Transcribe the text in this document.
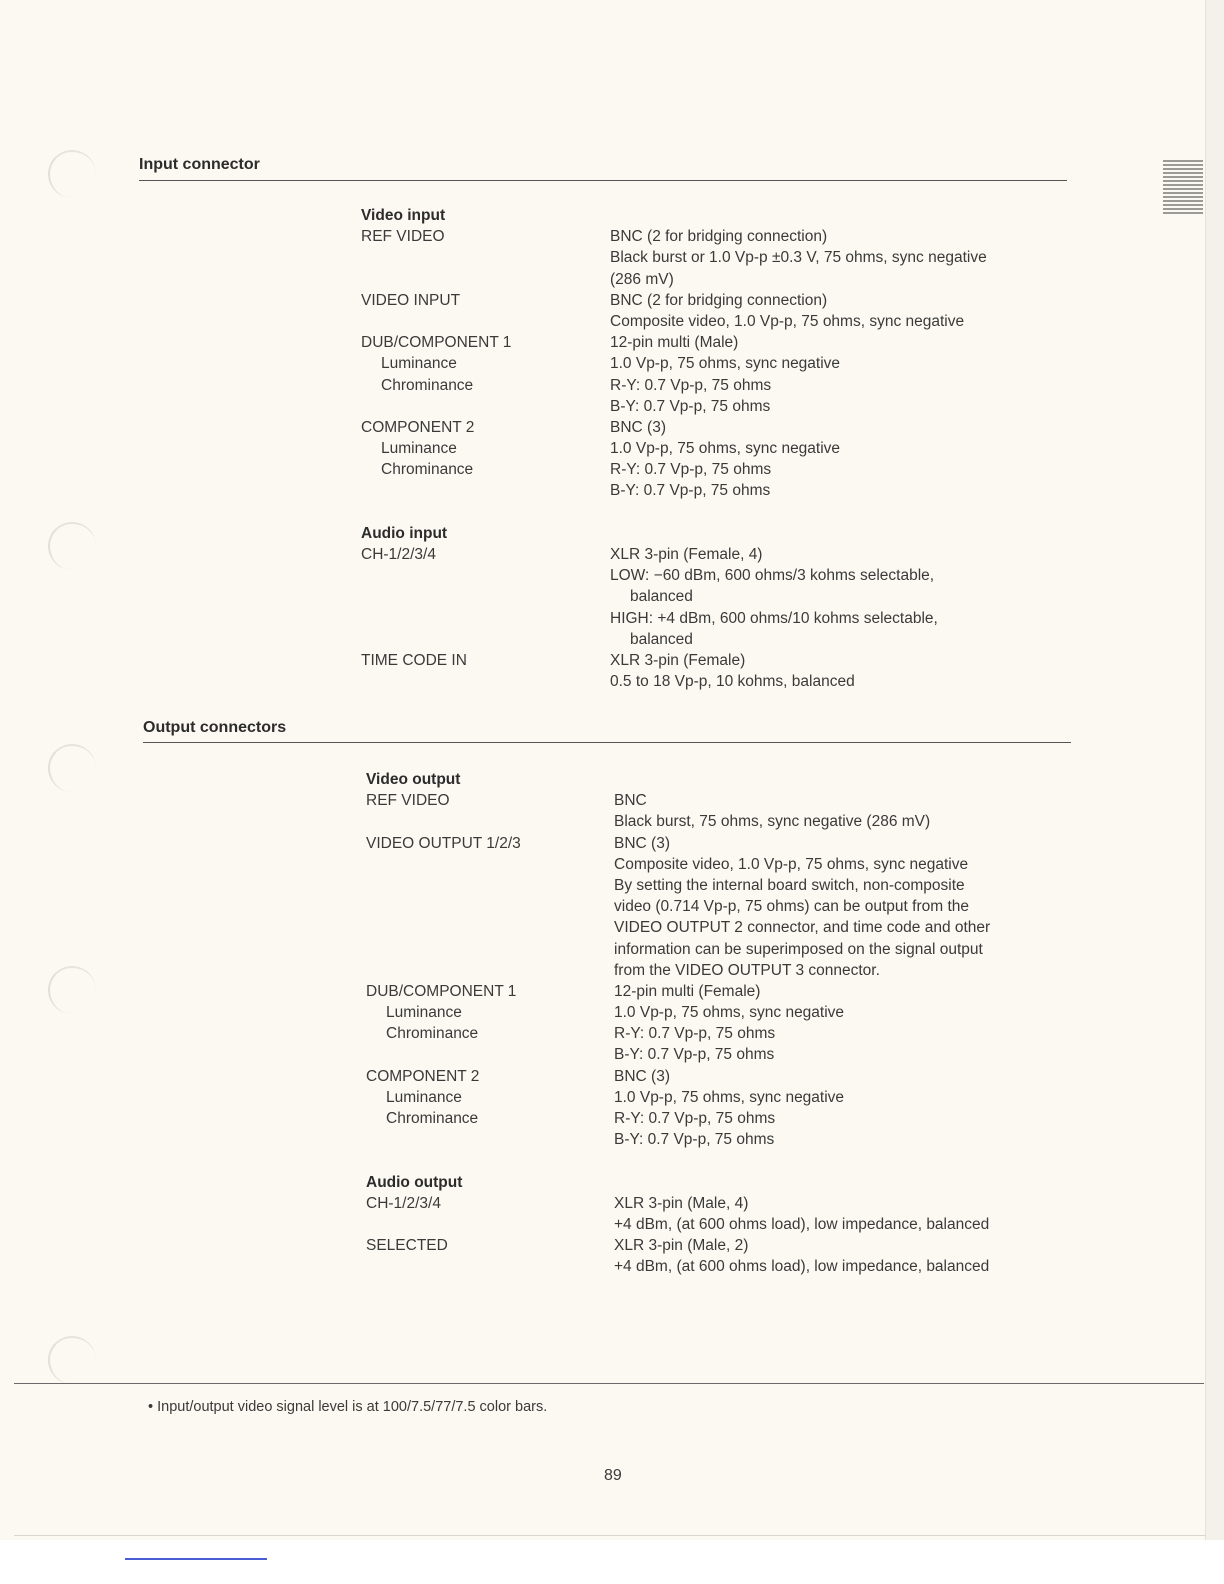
Input connector
Video input
REF VIDEO
VIDEO INPUT
DUB/COMPONENT 1
Luminance
Chrominance
COMPONENT 2
Luminance
Chrominance
Audio input
CH-1/2/3/4
TIME CODE IN
BNC (2 for bridging connection)
Black burst or 1.0 Vp-p ±0.3 V, 75 ohms, sync negative
(286 mV)
BNC (2 for bridging connection)
Composite video, 1.0 Vp-p, 75 ohms, sync negative
12-pin multi (Male)
1.0 Vp-p, 75 ohms, sync negative
R-Y: 0.7 Vp-p, 75 ohms
B-Y: 0.7 Vp-p, 75 ohms
BNC (3)
1.0 Vp-p, 75 ohms, sync negative
R-Y: 0.7 Vp-p, 75 ohms
B-Y: 0.7 Vp-p, 75 ohms
XLR 3-pin (Female, 4)
LOW: −60 dBm, 600 ohms/3 kohms selectable,
balanced
HIGH: +4 dBm, 600 ohms/10 kohms selectable,
balanced
XLR 3-pin (Female)
0.5 to 18 Vp-p, 10 kohms, balanced
Output connectors
Video output
REF VIDEO
VIDEO OUTPUT 1/2/3
DUB/COMPONENT 1
Luminance
Chrominance
COMPONENT 2
Luminance
Chrominance
Audio output
CH-1/2/3/4
SELECTED
BNC
Black burst, 75 ohms, sync negative (286 mV)
BNC (3)
Composite video, 1.0 Vp-p, 75 ohms, sync negative
By setting the internal board switch, non-composite
video (0.714 Vp-p, 75 ohms) can be output from the
VIDEO OUTPUT 2 connector, and time code and other
information can be superimposed on the signal output
from the VIDEO OUTPUT 3 connector.
12-pin multi (Female)
1.0 Vp-p, 75 ohms, sync negative
R-Y: 0.7 Vp-p, 75 ohms
B-Y: 0.7 Vp-p, 75 ohms
BNC (3)
1.0 Vp-p, 75 ohms, sync negative
R-Y: 0.7 Vp-p, 75 ohms
B-Y: 0.7 Vp-p, 75 ohms
XLR 3-pin (Male, 4)
+4 dBm, (at 600 ohms load), low impedance, balanced
XLR 3-pin (Male, 2)
+4 dBm, (at 600 ohms load), low impedance, balanced
• Input/output video signal level is at 100/7.5/77/7.5 color bars.
89
